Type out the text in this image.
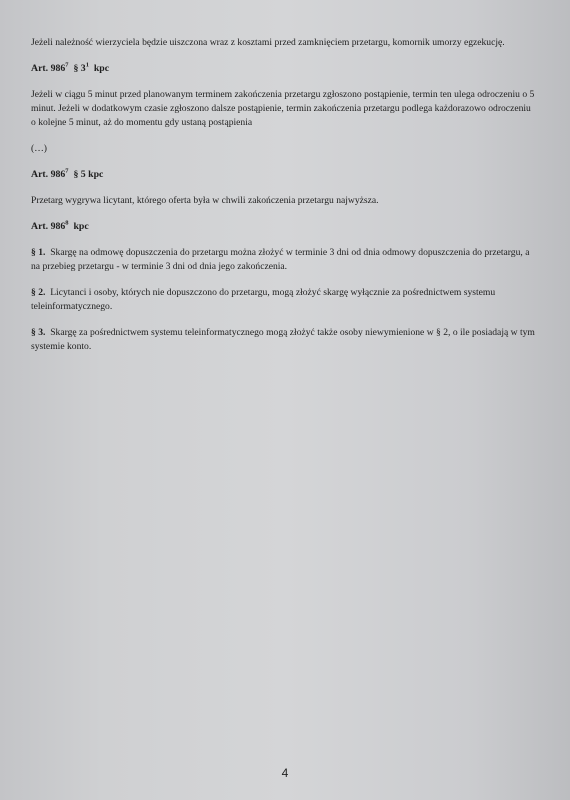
Jeżeli należność wierzyciela będzie uiszczona wraz z kosztami przed zamknięciem przetargu, komornik umorzy egzekucję.

Art. $986^7$ § $3^1$ kpc

Jeżeli w ciągu 5 minut przed planowanym terminem zakończenia przetargu zgłoszono postąpienie, termin ten ulega odroczeniu o 5 minut. Jeżeli w dodatkowym czasie zgłoszono dalsze postąpienie, termin zakończenia przetargu podlega każdorazowo odroczeniu o kolejne 5 minut, aż do momentu gdy ustaną postąpienia

(…)

Art. $986^7$ § 5 kpc

Przetarg wygrywa licytant, którego oferta była w chwili zakończenia przetargu najwyższa.

Art. $986^8$ kpc

§ 1. Skargę na odmowę dopuszczenia do przetargu można złożyć w terminie 3 dni od dnia odmowy dopuszczenia do przetargu, a na przebieg przetargu - w terminie 3 dni od dnia jego zakończenia.

§ 2. Licytanci i osoby, których nie dopuszczono do przetargu, mogą złożyć skargę wyłącznie za pośrednictwem systemu teleinformatycznego.

§ 3. Skargę za pośrednictwem systemu teleinformatycznego mogą złożyć także osoby niewymienione w § 2, o ile posiadają w tym systemie konto.

4
